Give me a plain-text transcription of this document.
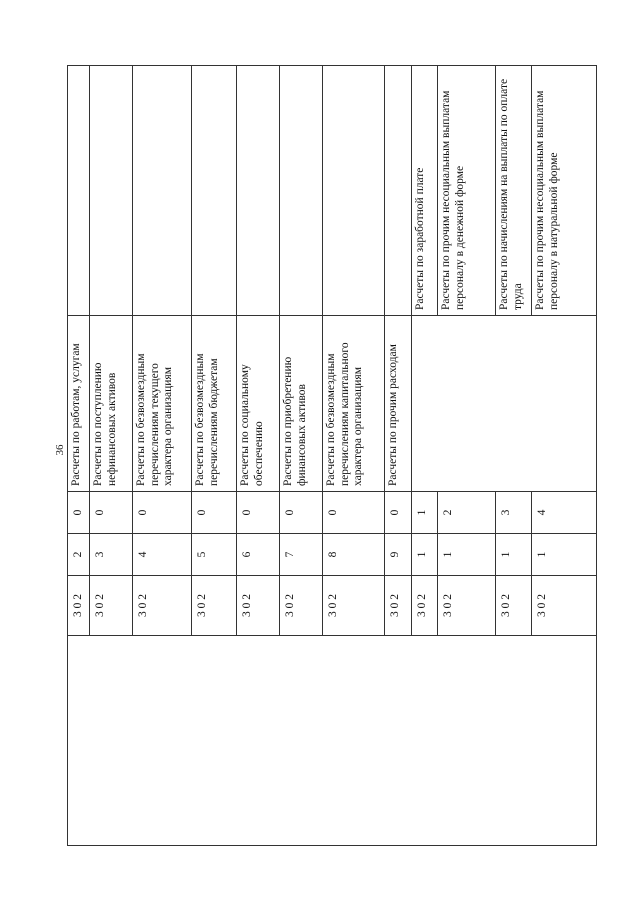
36
	3 0 2	2	0	Расчеты по работам, услугам	
	3 0 2	3	0	Расчеты по поступлению нефинансовых активов	
	3 0 2	4	0	Расчеты по безвозмездным перечислениям текущего характера организациям	
	3 0 2	5	0	Расчеты по безвозмездным перечислениям бюджетам	
	3 0 2	6	0	Расчеты по социальному обеспечению	
	3 0 2	7	0	Расчеты по приобретению финансовых активов	
	3 0 2	8	0	Расчеты по безвозмездным перечислениям капитального характера организациям	
	3 0 2	9	0	Расчеты по прочим расходам	
	3 0 2	1	1		Расчеты по заработной плате
	3 0 2	1	2		Расчеты по прочим несоциальным выплатам персоналу в денежной форме
	3 0 2	1	3		Расчеты по начислениям на выплаты по оплате труда
	3 0 2	1	4		Расчеты по прочим несоциальным выплатам персоналу в натуральной форме
